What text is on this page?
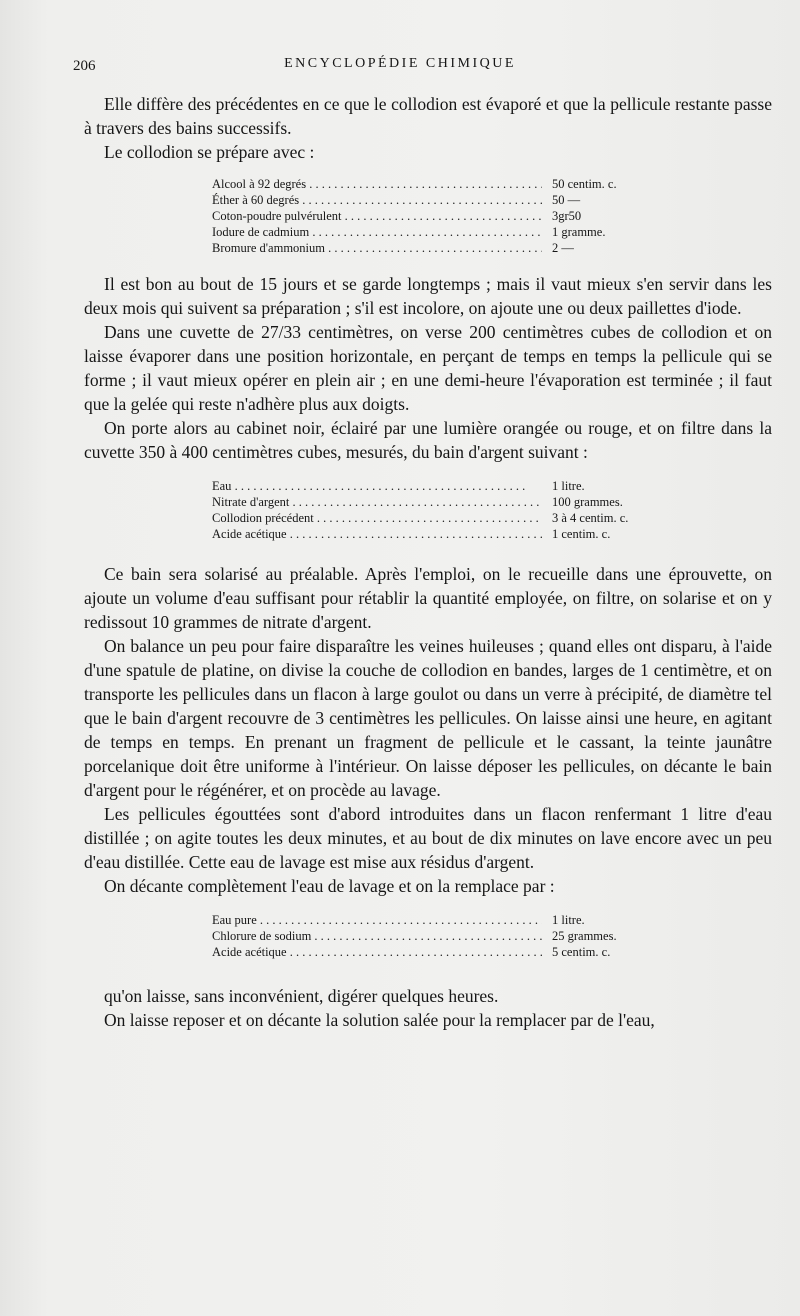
206	ENCYCLOPÉDIE CHIMIQUE

Elle diffère des précédentes en ce que le collodion est évaporé et que la pellicule restante passe à travers des bains successifs.

Le collodion se prépare avec :

Alcool à 92 degrés . . .	50 centim. c.
Éther à 60 degrés . . .	50 —
Coton-poudre pulvérulent . . .	3gr50
Iodure de cadmium . . .	1 gramme.
Bromure d'ammonium . . .	2 —

Il est bon au bout de 15 jours et se garde longtemps ; mais il vaut mieux s'en servir dans les deux mois qui suivent sa préparation ; s'il est incolore, on ajoute une ou deux paillettes d'iode.

Dans une cuvette de 27/33 centimètres, on verse 200 centimètres cubes de collodion et on laisse évaporer dans une position horizontale, en perçant de temps en temps la pellicule qui se forme ; il vaut mieux opérer en plein air ; en une demi-heure l'évaporation est terminée ; il faut que la gelée qui reste n'adhère plus aux doigts.

On porte alors au cabinet noir, éclairé par une lumière orangée ou rouge, et on filtre dans la cuvette 350 à 400 centimètres cubes, mesurés, du bain d'argent suivant :

Eau . . .	1 litre.
Nitrate d'argent . . .	100 grammes.
Collodion précédent . . .	3 à 4 centim. c.
Acide acétique . . .	1 centim. c.

Ce bain sera solarisé au préalable. Après l'emploi, on le recueille dans une éprouvette, on ajoute un volume d'eau suffisant pour rétablir la quantité employée, on filtre, on solarise et on y redissout 10 grammes de nitrate d'argent.

On balance un peu pour faire disparaître les veines huileuses ; quand elles ont disparu, à l'aide d'une spatule de platine, on divise la couche de collodion en bandes, larges de 1 centimètre, et on transporte les pellicules dans un flacon à large goulot ou dans un verre à précipité, de diamètre tel que le bain d'argent recouvre de 3 centimètres les pellicules. On laisse ainsi une heure, en agitant de temps en temps. En prenant un fragment de pellicule et le cassant, la teinte jaunâtre porcelanique doit être uniforme à l'intérieur. On laisse déposer les pellicules, on décante le bain d'argent pour le régénérer, et on procède au lavage.

Les pellicules égouttées sont d'abord introduites dans un flacon renfermant 1 litre d'eau distillée ; on agite toutes les deux minutes, et au bout de dix minutes on lave encore avec un peu d'eau distillée. Cette eau de lavage est mise aux résidus d'argent.

On décante complètement l'eau de lavage et on la remplace par :

Eau pure . . .	1 litre.
Chlorure de sodium . . .	25 grammes.
Acide acétique . . .	5 centim. c.

qu'on laisse, sans inconvénient, digérer quelques heures.

On laisse reposer et on décante la solution salée pour la remplacer par de l'eau,
